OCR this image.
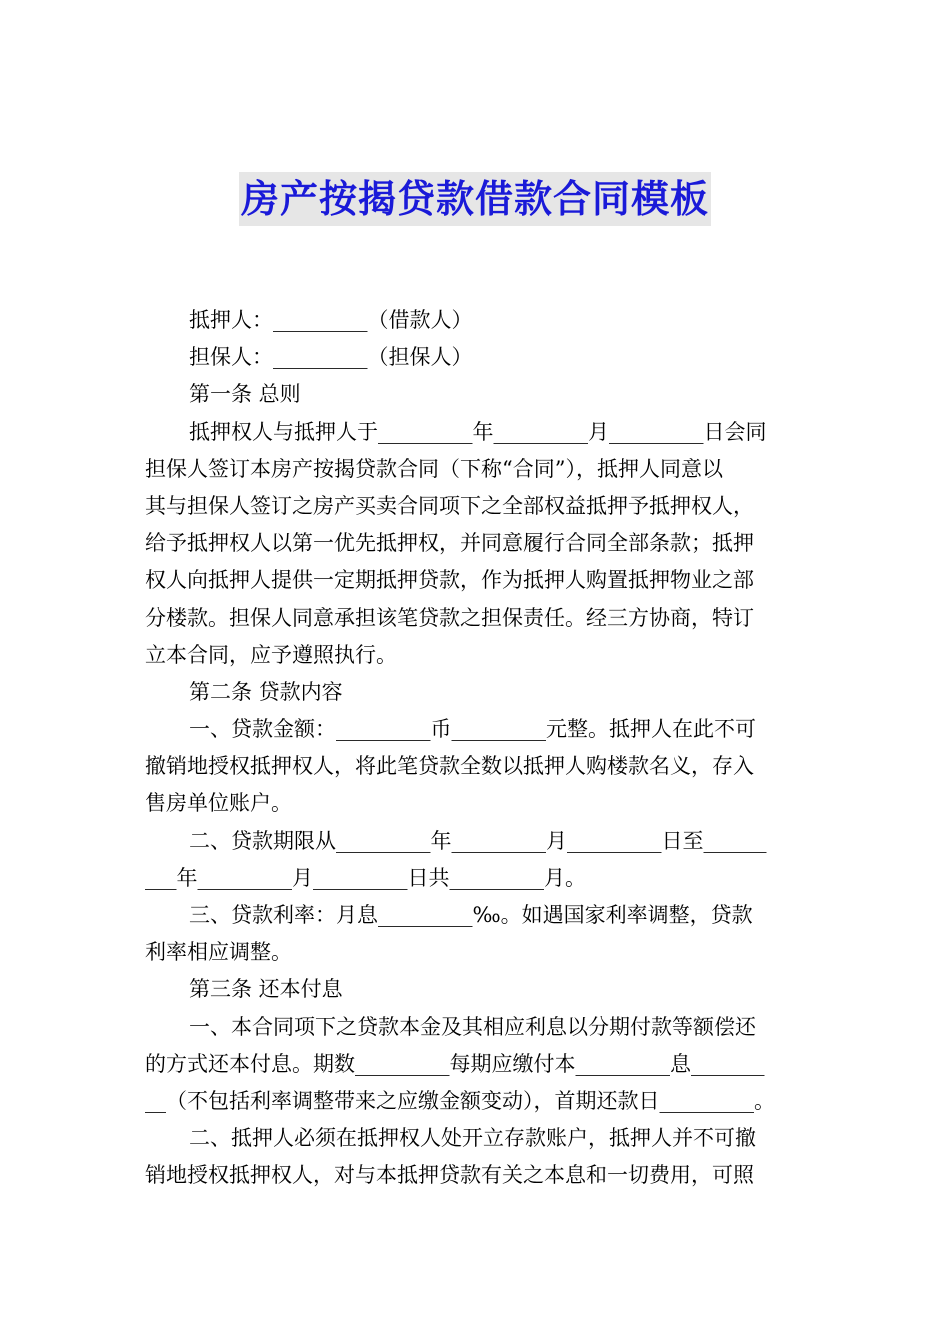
房产按揭贷款借款合同模板
抵押人：_________（借款人）
担保人：_________（担保人）
第一条 总则
抵押权人与抵押人于_________年_________月_________日会同
担保人签订本房产按揭贷款合同（下称“合同”），抵押人同意以
其与担保人签订之房产买卖合同项下之全部权益抵押予抵押权人，
给予抵押权人以第一优先抵押权，并同意履行合同全部条款；抵押
权人向抵押人提供一定期抵押贷款，作为抵押人购置抵押物业之部
分楼款。担保人同意承担该笔贷款之担保责任。经三方协商，特订
立本合同，应予遵照执行。
第二条 贷款内容
一、贷款金额：_________币_________元整。抵押人在此不可
撤销地授权抵押权人，将此笔贷款全数以抵押人购楼款名义，存入
售房单位账户。
二、贷款期限从_________年_________月_________日至______
___年_________月_________日共_________月。
三、贷款利率：月息_________‰。如遇国家利率调整，贷款
利率相应调整。
第三条 还本付息
一、本合同项下之贷款本金及其相应利息以分期付款等额偿还
的方式还本付息。期数_________每期应缴付本_________息_______
__（不包括利率调整带来之应缴金额变动），首期还款日_________。
二、抵押人必须在抵押权人处开立存款账户，抵押人并不可撤
销地授权抵押权人，对与本抵押贷款有关之本息和一切费用，可照
